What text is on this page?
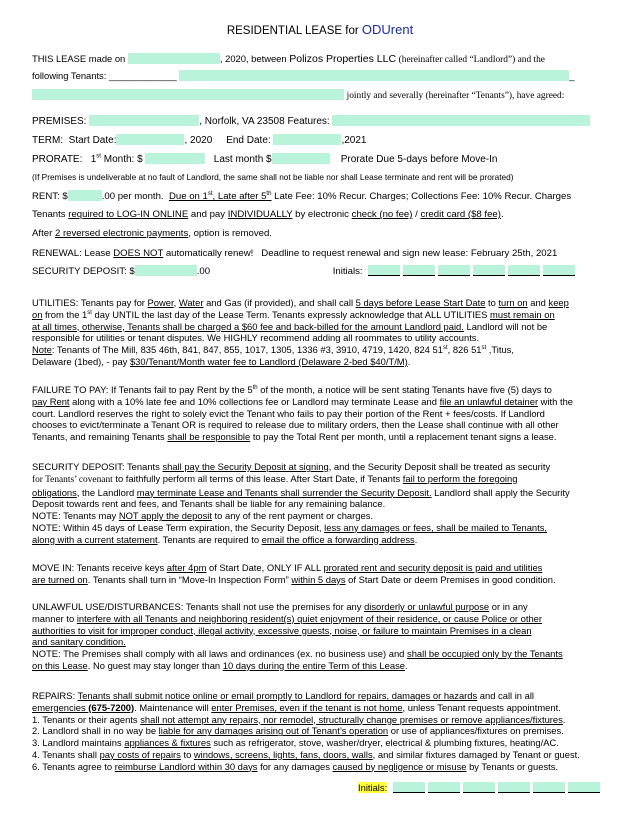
RESIDENTIAL LEASE for ODUrent
THIS LEASE made on	, 2020, between Polizos Properties LLC (hereinafter called “Landlord”) and the
following Tenants: _____________	_
jointly and severally (hereinafter “Tenants”), have agreed:
PREMISES:	, Norfolk, VA 23508 Features:
TERM: Start Date:	, 2020 End Date:	,2021
PRORATE: 1st Month: $	Last month $	Prorate Due 5-days before Move-In
(If Premises is undeliverable at no fault of Landlord, the same shall not be liable nor shall Lease terminate and rent will be prorated)
RENT: $	.00 per month. Due on 1st, Late after 5th Late Fee: 10% Recur. Charges; Collections Fee: 10% Recur. Charges
Tenants required to LOG-IN ONLINE and pay INDIVIDUALLY by electronic check (no fee) / credit card ($8 fee).
After 2 reversed electronic payments, option is removed.
RENEWAL: Lease DOES NOT automatically renew! Deadline to request renewal and sign new lease: February 25th, 2021
SECURITY DEPOSIT: $	.00	Initials:
UTILITIES: Tenants pay for Power, Water and Gas (if provided), and shall call 5 days before Lease Start Date to turn on and keep
on from the 1st day UNTIL the last day of the Lease Term. Tenants expressly acknowledge that ALL UTILITIES must remain on
at all times, otherwise, Tenants shall be charged a $60 fee and back-billed for the amount Landlord paid. Landlord will not be
responsible for utilities or tenant disputes. We HIGHLY recommend adding all roommates to utility accounts.
Note: Tenants of The Mill, 835 46th, 841, 847, 855, 1017, 1305, 1336 #3, 3910, 4719, 1420, 824 51st, 826 51st ,Titus,
Delaware (1bed), - pay $30/Tenant/Month water fee to Landlord (Delaware 2-bed $40/T/M).
FAILURE TO PAY: If Tenants fail to pay Rent by the 5th of the month, a notice will be sent stating Tenants have five (5) days to
pay Rent along with a 10% late fee and 10% collections fee or Landlord may terminate Lease and file an unlawful detainer with the
court. Landlord reserves the right to solely evict the Tenant who fails to pay their portion of the Rent + fees/costs. If Landlord
chooses to evict/terminate a Tenant OR is required to release due to military orders, then the Lease shall continue with all other
Tenants, and remaining Tenants shall be responsible to pay the Total Rent per month, until a replacement tenant signs a lease.
SECURITY DEPOSIT: Tenants shall pay the Security Deposit at signing, and the Security Deposit shall be treated as security
for Tenants’ covenant to faithfully perform all terms of this lease. After Start Date, if Tenants fail to perform the foregoing
obligations, the Landlord may terminate Lease and Tenants shall surrender the Security Deposit. Landlord shall apply the Security
Deposit towards rent and fees, and Tenants shall be liable for any remaining balance.
NOTE: Tenants may NOT apply the deposit to any of the rent payment or charges.
NOTE: Within 45 days of Lease Term expiration, the Security Deposit, less any damages or fees, shall be mailed to Tenants,
along with a current statement. Tenants are required to email the office a forwarding address.
MOVE IN: Tenants receive keys after 4pm of Start Date, ONLY IF ALL prorated rent and security deposit is paid and utilities
are turned on. Tenants shall turn in “Move-In Inspection Form” within 5 days of Start Date or deem Premises in good condition.
UNLAWFUL USE/DISTURBANCES: Tenants shall not use the premises for any disorderly or unlawful purpose or in any
manner to interfere with all Tenants and neighboring resident(s) quiet enjoyment of their residence, or cause Police or other
authorities to visit for improper conduct, illegal activity, excessive guests, noise, or failure to maintain Premises in a clean
and sanitary condition.
NOTE: The Premises shall comply with all laws and ordinances (ex. no business use) and shall be occupied only by the Tenants
on this Lease. No guest may stay longer than 10 days during the entire Term of this Lease.
REPAIRS: Tenants shall submit notice online or email promptly to Landlord for repairs, damages or hazards and call in all
emergencies (675-7200). Maintenance will enter Premises, even if the tenant is not home, unless Tenant requests appointment.
1. Tenants or their agents shall not attempt any repairs, nor remodel, structurally change premises or remove appliances/fixtures.
2. Landlord shall in no way be liable for any damages arising out of Tenant’s operation or use of appliances/fixtures on premises.
3. Landlord maintains appliances & fixtures such as refrigerator, stove, washer/dryer, electrical & plumbing fixtures, heating/AC.
4. Tenants shall pay costs of repairs to windows, screens, lights, fans, doors, walls, and similar fixtures damaged by Tenant or guest.
6. Tenants agree to reimburse Landlord within 30 days for any damages caused by negligence or misuse by Tenants or guests.
Initials:
